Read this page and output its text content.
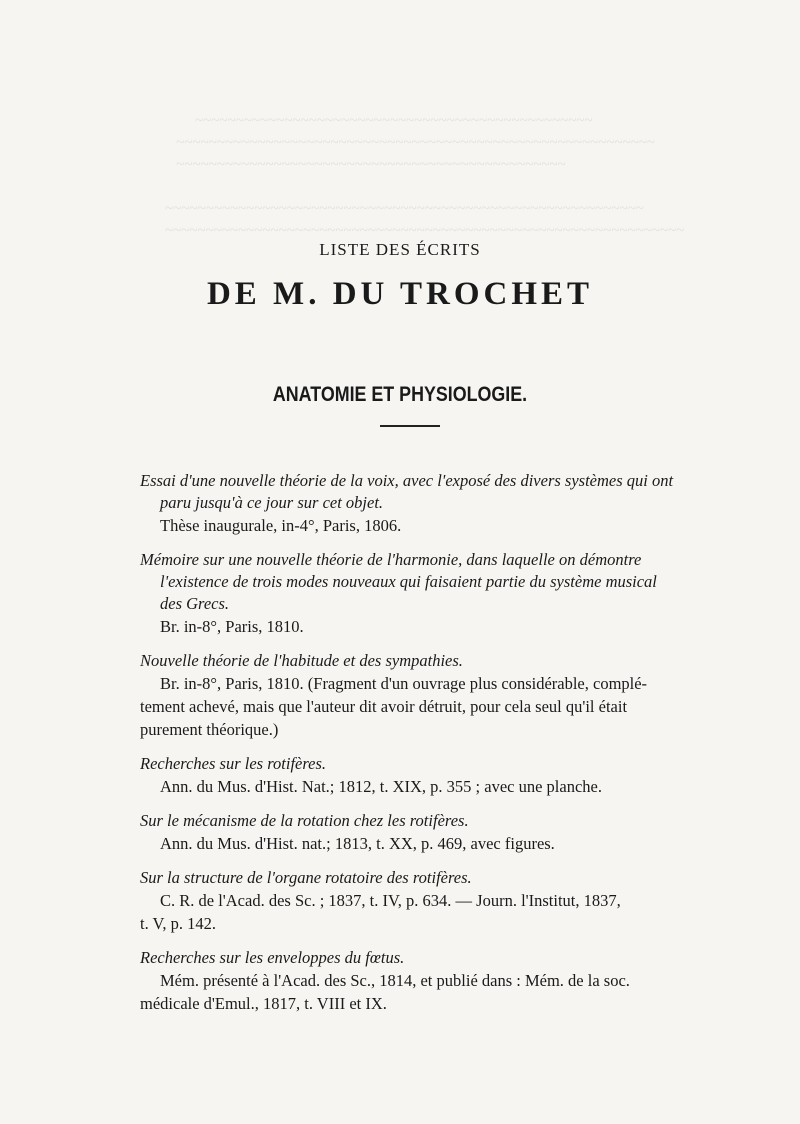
~~~~~~~~~~~~~~~~~~~~~~~~~~~~~~~~~~~~~~~~~~~~~~~~~
~~~~~~~~~~~~~~~~~~~~~~~~~~~~~~~~~~~~~~~~~~~~~~~~~~~~~~~~~~~
~~~~~~~~~~~~~~~~~~~~~~~~~~~~~~~~~~~~~~~~~~~~~~~~

~~~~~~~~~~~~~~~~~~~~~~~~~~~~~~~~~~~~~~~~~~~~~~~~~~~~~~~~~~~
~~~~~~~~~~~~~~~~~~~~~~~~~~~~~~~~~~~~~~~~~~~~~~~~~~~~~~~~~~~~~~~~
LISTE DES ÉCRITS
DE M. DU TROCHET
ANATOMIE ET PHYSIOLOGIE.
Essai d'une nouvelle théorie de la voix, avec l'exposé des divers systèmes qui ont
paru jusqu'à ce jour sur cet objet.
Thèse inaugurale, in-4°, Paris, 1806.
Mémoire sur une nouvelle théorie de l'harmonie, dans laquelle on démontre
l'existence de trois modes nouveaux qui faisaient partie du système musical
des Grecs.
Br. in-8°, Paris, 1810.
Nouvelle théorie de l'habitude et des sympathies.
Br. in-8°, Paris, 1810. (Fragment d'un ouvrage plus considérable, complé-
tement achevé, mais que l'auteur dit avoir détruit, pour cela seul qu'il était
purement théorique.)
Recherches sur les rotifères.
Ann. du Mus. d'Hist. Nat.; 1812, t. XIX, p. 355 ; avec une planche.
Sur le mécanisme de la rotation chez les rotifères.
Ann. du Mus. d'Hist. nat.; 1813, t. XX, p. 469, avec figures.
Sur la structure de l'organe rotatoire des rotifères.
C. R. de l'Acad. des Sc. ; 1837, t. IV, p. 634. — Journ. l'Institut, 1837,
t. V, p. 142.
Recherches sur les enveloppes du fœtus.
Mém. présenté à l'Acad. des Sc., 1814, et publié dans : Mém. de la soc.
médicale d'Emul., 1817, t. VIII et IX.
